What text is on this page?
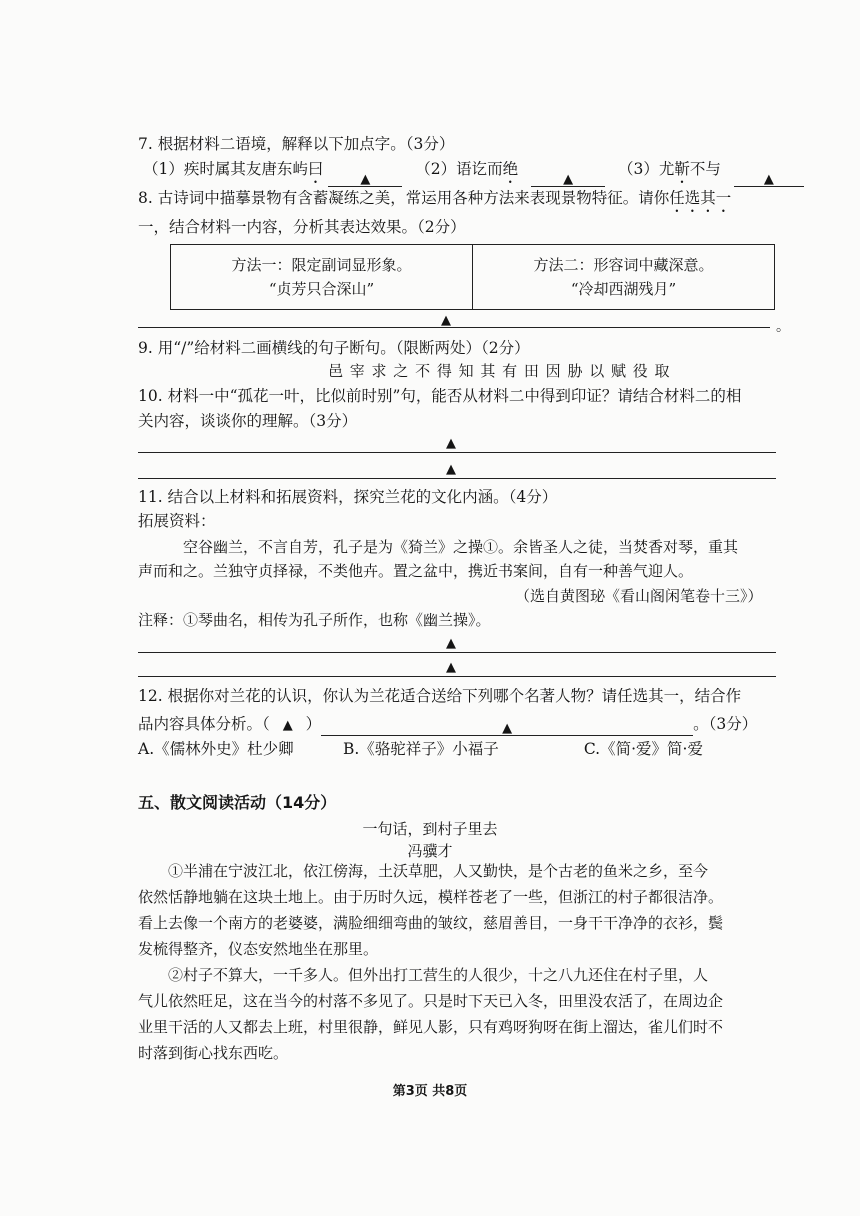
7. 根据材料二语境，解释以下加点字。（3分）
（1）疾时属其友唐东屿曰 ▲ （2）语讫而绝 ▲ （3）尤靳不与 ▲
8. 古诗词中描摹景物有含蓄凝练之美，常运用各种方法来表现景物特征。请你任选其一
一，结合材料一内容，分析其表达效果。（2分）
方法一：限定副词显形象。
“贞芳只合深山”

方法二：形容词中藏深意。
“冷却西湖残月”
▲	。
9. 用“/”给材料二画横线的句子断句。（限断两处）（2分）
邑 宰 求 之 不 得 知 其 有 田 因 胁 以 赋 役 取
10. 材料一中“孤花一叶，比似前时别”句，能否从材料二中得到印证？请结合材料二的相
关内容，谈谈你的理解。（3分）
▲
▲
11. 结合以上材料和拓展资料，探究兰花的文化内涵。（4分）
拓展资料：
空谷幽兰，不言自芳，孔子是为《猗兰》之操①。余皆圣人之徒，当焚香对琴，重其
声而和之。兰独守贞择禄，不类他卉。置之盆中，携近书案间，自有一种善气迎人。
（选自黄图珌《看山阁闲笔卷十三》）
注释：①琴曲名，相传为孔子所作，也称《幽兰操》。
▲
▲
12. 根据你对兰花的认识，你认为兰花适合送给下列哪个名著人物？请任选其一，结合作
品内容具体分析。（ ▲ ）	▲	。（3分）
A.《儒林外史》杜少卿	B.《骆驼祥子》小福子	C.《简·爱》简·爱
五、散文阅读活动（14分）
一句话，到村子里去
冯骥才
①半浦在宁波江北，依江傍海，土沃草肥，人又勤快，是个古老的鱼米之乡，至今
依然恬静地躺在这块土地上。由于历时久远，模样苍老了一些，但浙江的村子都很洁净。
看上去像一个南方的老婆婆，满脸细细弯曲的皱纹，慈眉善目，一身干干净净的衣衫，鬓
发梳得整齐，仪态安然地坐在那里。
②村子不算大，一千多人。但外出打工营生的人很少，十之八九还住在村子里，人
气儿依然旺足，这在当今的村落不多见了。只是时下天已入冬，田里没农活了，在周边企
业里干活的人又都去上班，村里很静，鲜见人影，只有鸡呀狗呀在街上溜达，雀儿们时不
时落到街心找东西吃。
第3页 共8页
